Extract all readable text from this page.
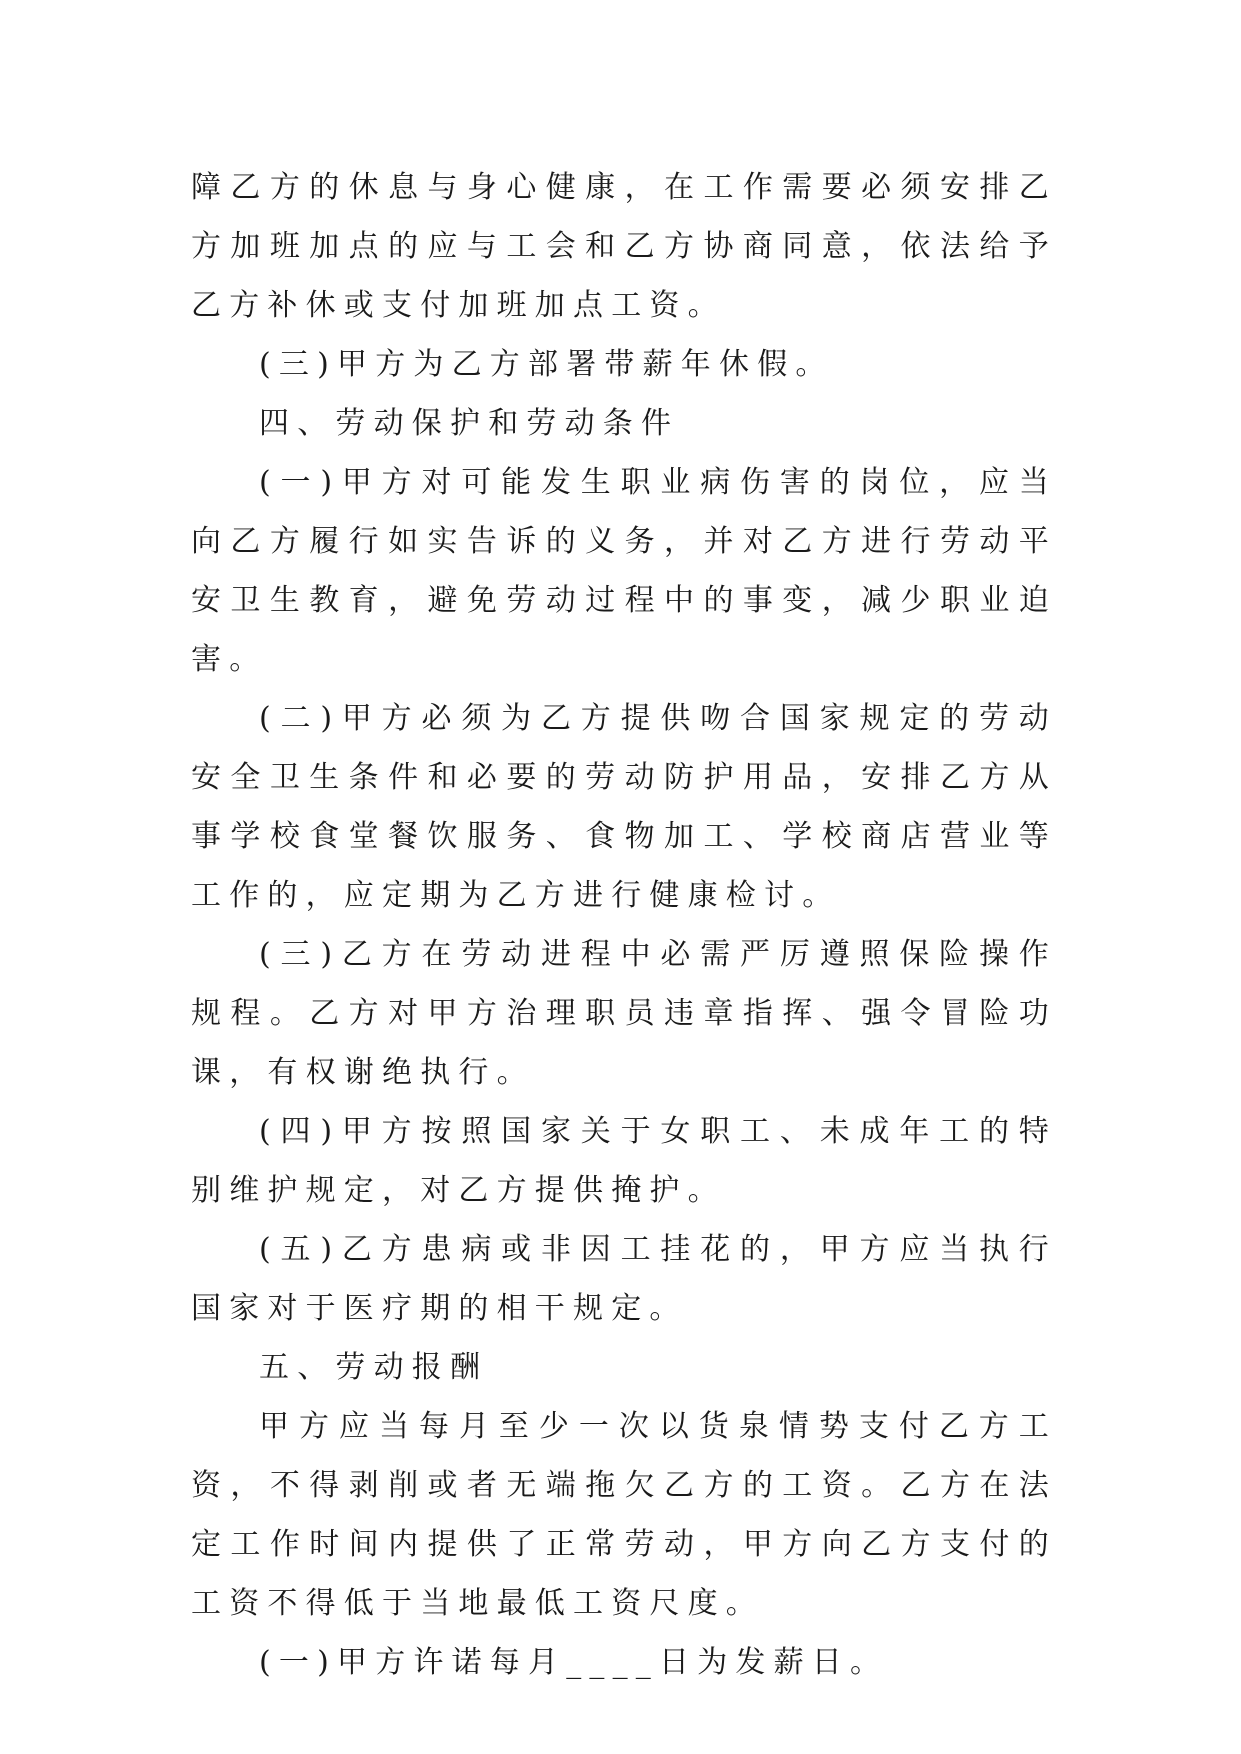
障乙方的休息与身心健康，在工作需要必须安排乙方加班加点的应与工会和乙方协商同意，依法给予乙方补休或支付加班加点工资。

(三)甲方为乙方部署带薪年休假。

四、劳动保护和劳动条件

(一)甲方对可能发生职业病伤害的岗位，应当向乙方履行如实告诉的义务，并对乙方进行劳动平安卫生教育，避免劳动过程中的事变，减少职业迫害。

(二)甲方必须为乙方提供吻合国家规定的劳动安全卫生条件和必要的劳动防护用品，安排乙方从事学校食堂餐饮服务、食物加工、学校商店营业等工作的，应定期为乙方进行健康检讨。

(三)乙方在劳动进程中必需严厉遵照保险操作规程。乙方对甲方治理职员违章指挥、强令冒险功课，有权谢绝执行。

(四)甲方按照国家关于女职工、未成年工的特别维护规定，对乙方提供掩护。

(五)乙方患病或非因工挂花的，甲方应当执行国家对于医疗期的相干规定。

五、劳动报酬

甲方应当每月至少一次以货泉情势支付乙方工资，不得剥削或者无端拖欠乙方的工资。乙方在法定工作时间内提供了正常劳动，甲方向乙方支付的工资不得低于当地最低工资尺度。

(一)甲方许诺每月____日为发薪日。
